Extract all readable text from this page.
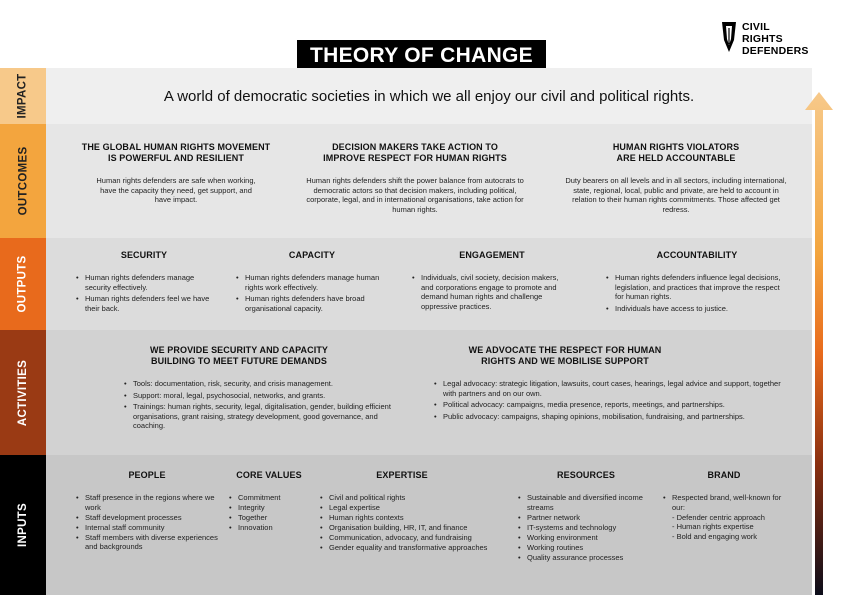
THEORY OF CHANGE
CIVIL
RIGHTS
DEFENDERS
IMPACT	A world of democratic societies in which we all enjoy our civil and political rights.
OUTCOMES	THE GLOBAL HUMAN RIGHTS MOVEMENT
IS POWERFUL AND RESILIENT

Human rights defenders are safe when working, have the capacity they need, get support, and have impact.

DECISION MAKERS TAKE ACTION TO
IMPROVE RESPECT FOR HUMAN RIGHTS

Human rights defenders shift the power balance from autocrats to democratic actors so that decision makers, including political, corporate, legal, and in international organisations, take action for human rights.

HUMAN RIGHTS VIOLATORS
ARE HELD ACCOUNTABLE

Duty bearers on all levels and in all sectors, including international, state, regional, local, public and private, are held to account in relation to their human rights commitments. Those affected get redress.

OUTPUTS
SECURITY
• Human rights defenders manage security effectively.
• Human rights defenders feel we have their back.
CAPACITY
• Human rights defenders manage human rights work effectively.
• Human rights defenders have broad organisational capacity.
ENGAGEMENT
• Individuals, civil society, decision makers, and corporations engage to promote and demand human rights and challenge oppressive practices.
ACCOUNTABILITY
• Human rights defenders influence legal decisions, legislation, and practices that improve the respect for human rights.
• Individuals have access to justice.
ACTIVITIES
WE PROVIDE SECURITY AND CAPACITY
BUILDING TO MEET FUTURE DEMANDS
• Tools: documentation, risk, security, and crisis management.
• Support: moral, legal, psychosocial, networks, and grants.
• Trainings: human rights, security, legal, digitalisation, gender, building efficient organisations, grant raising, strategy development, good governance, and coaching.
WE ADVOCATE THE RESPECT FOR HUMAN
RIGHTS AND WE MOBILISE SUPPORT
• Legal advocacy: strategic litigation, lawsuits, court cases, hearings, legal advice and support, together with partners and on our own.
• Political advocacy: campaigns, media presence, reports, meetings, and partnerships.
• Public advocacy: campaigns, shaping opinions, mobilisation, fundraising, and partnerships.
INPUTS
PEOPLE
• Staff presence in the regions where we work
• Staff development processes
• Internal staff community
• Staff members with diverse experiences and backgrounds
CORE VALUES
• Commitment
• Integrity
• Together
• Innovation
EXPERTISE
• Civil and political rights
• Legal expertise
• Human rights contexts
• Organisation building, HR, IT, and finance
• Communication, advocacy, and fundraising
• Gender equality and transformative approaches
RESOURCES
• Sustainable and diversified income streams
• Partner network
• IT-systems and technology
• Working environment
• Working routines
• Quality assurance processes
BRAND
• Respected brand, well-known for our:
- Defender centric approach
- Human rights expertise
- Bold and engaging work
